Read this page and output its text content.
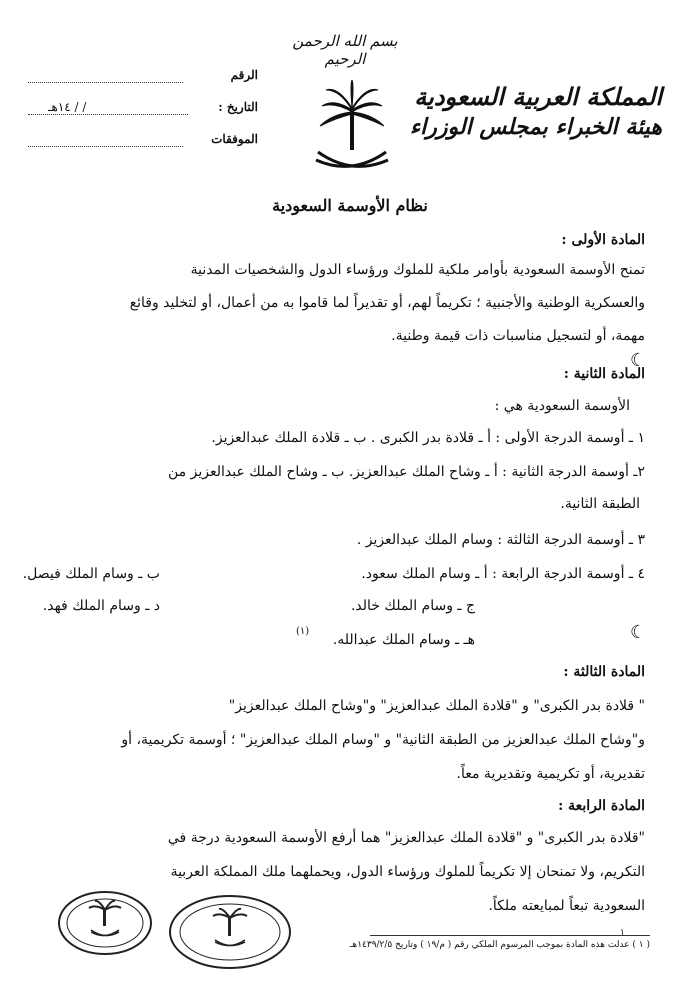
بسم الله الرحمن الرحيم
المملكة العربية السعودية
هيئة الخبراء بمجلس الوزراء
الرقم
التاريخ :
/ / ١٤هـ
الموفقات
نظام الأوسمة السعودية
المادة الأولى :
تمنح الأوسمة السعودية بأوامر ملكية للملوك ورؤساء الدول والشخصيات المدنية
والعسكرية الوطنية والأجنبية ؛ تكريماً لهم، أو تقديراً لما قاموا به من أعمال، أو لتخليد وقائع
مهمة، أو لتسجيل مناسبات ذات قيمة وطنية.
☾
المادة الثانية :
الأوسمة السعودية هي :
١ ـ أوسمة الدرجة الأولى : أ ـ قلادة بدر الكبرى . ب ـ قلادة الملك عبدالعزيز.
٢ـ أوسمة الدرجة الثانية : أ ـ وشاح الملك عبدالعزيز. ب ـ وشاح الملك عبدالعزيز من
الطبقة الثانية.
٣ ـ أوسمة الدرجة الثالثة : وسام الملك عبدالعزيز .
٤ ـ أوسمة الدرجة الرابعة : أ ـ وسام الملك سعود.
ب ـ وسام الملك فيصل.
ج ـ وسام الملك خالد.
د ـ وسام الملك فهد.
هـ ـ وسام الملك عبدالله.
(١)	☾
المادة الثالثة :
" قلادة بدر الكبرى" و "قلادة الملك عبدالعزيز" و"وشاح الملك عبدالعزيز"
و"وشاح الملك عبدالعزيز من الطبقة الثانية" و "وسام الملك عبدالعزيز" ؛ أوسمة تكريمية، أو
تقديرية، أو تكريمية وتقديرية معاً.
المادة الرابعة :
"قلادة بدر الكبرى" و "قلادة الملك عبدالعزيز" هما أرفع الأوسمة السعودية درجة في
التكريم، ولا تمنحان إلا تكريماً للملوك ورؤساء الدول، ويحملهما ملك المملكة العربية
السعودية تبعاً لمبايعته ملكاً.
١
( ١ ) عدلت هذه المادة بموجب المرسوم الملكي رقم ( م/١٩ ) وتاريخ ١٤٣٩/٢/٥هـ
